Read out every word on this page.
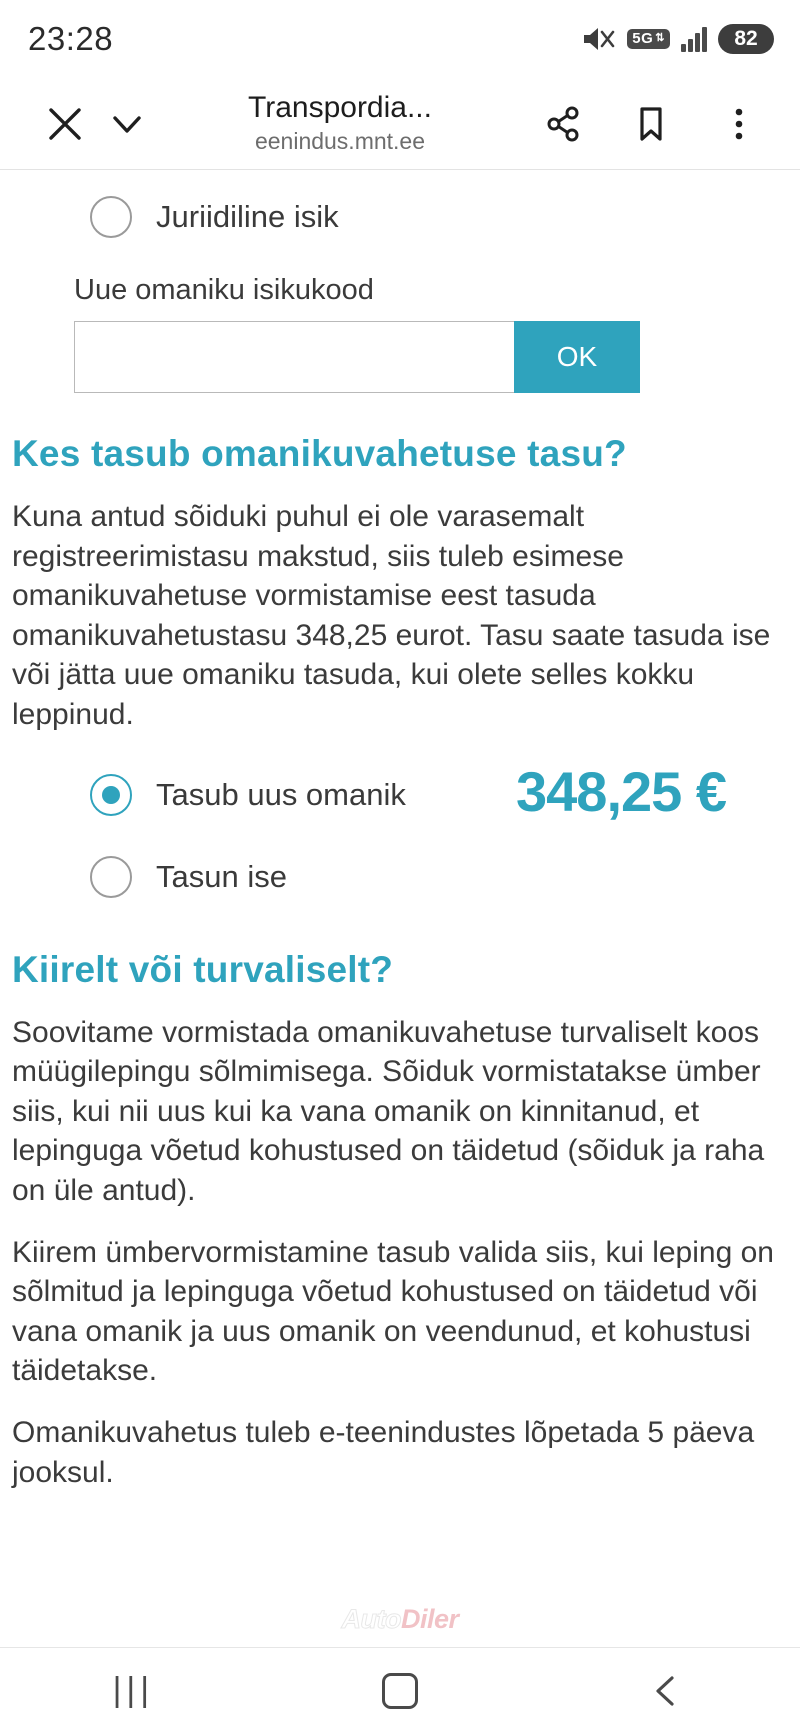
23:28	5G ⇅	82
Transpordia...
eenindus.mnt.ee
Juriidiline isik
Uue omaniku isikukood
OK
Kes tasub omanikuvahetuse tasu?

Kuna antud sõiduki puhul ei ole varasemalt registreerimistasu makstud, siis tuleb esimese omanikuvahetuse vormistamise eest tasuda omanikuvahetustasu 348,25 eurot. Tasu saate tasuda ise või jätta uue omaniku tasuda, kui olete selles kokku leppinud.

Tasub uus omanik
Tasun ise
348,25 €
Kiirelt või turvaliselt?

Soovitame vormistada omanikuvahetuse turvaliselt koos müügilepingu sõlmimisega. Sõiduk vormistatakse ümber siis, kui nii uus kui ka vana omanik on kinnitanud, et lepinguga võetud kohustused on täidetud (sõiduk ja raha on üle antud).

Kiirem ümbervormistamine tasub valida siis, kui leping on sõlmitud ja lepinguga võetud kohustused on täidetud või vana omanik ja uus omanik on veendunud, et kohustusi täidetakse.

Omanikuvahetus tuleb e-teenindustes lõpetada 5 päeva jooksul.

AutoDiler
|||
